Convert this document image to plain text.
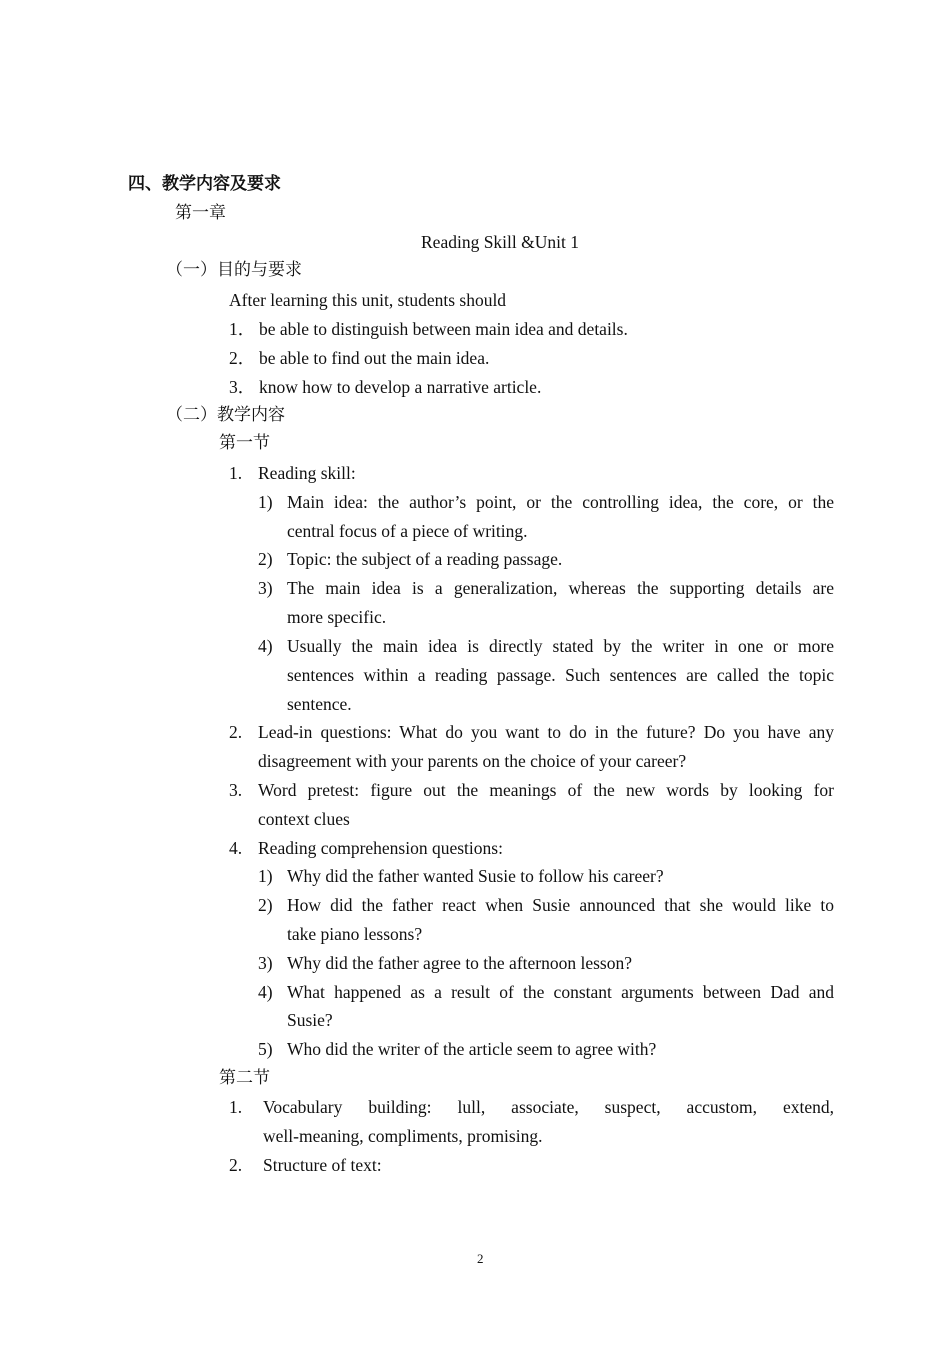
四、教学内容及要求
第一章
Reading Skill &Unit 1
（一）目的与要求
After learning this unit, students should
1． be able to distinguish between main idea and details.
2． be able to find out the main idea.
3． know how to develop a narrative article.
（二）教学内容
第一节
1. Reading skill:
1) Main idea: the author’s point, or the controlling idea, the core, or the
central focus of a piece of writing.
2) Topic: the subject of a reading passage.
3) The main idea is a generalization, whereas the supporting details are
more specific.
4) Usually the main idea is directly stated by the writer in one or more
sentences within a reading passage. Such sentences are called the topic
sentence.
2. Lead-in questions: What do you want to do in the future? Do you have any
disagreement with your parents on the choice of your career?
3. Word pretest: figure out the meanings of the new words by looking for
context clues
4. Reading comprehension questions:
1) Why did the father wanted Susie to follow his career?
2) How did the father react when Susie announced that she would like to
take piano lessons?
3) Why did the father agree to the afternoon lesson?
4) What happened as a result of the constant arguments between Dad and
Susie?
5) Who did the writer of the article seem to agree with?
第二节
1. Vocabulary building: lull, associate, suspect, accustom, extend,
well-meaning, compliments, promising.
2. Structure of text:
2
